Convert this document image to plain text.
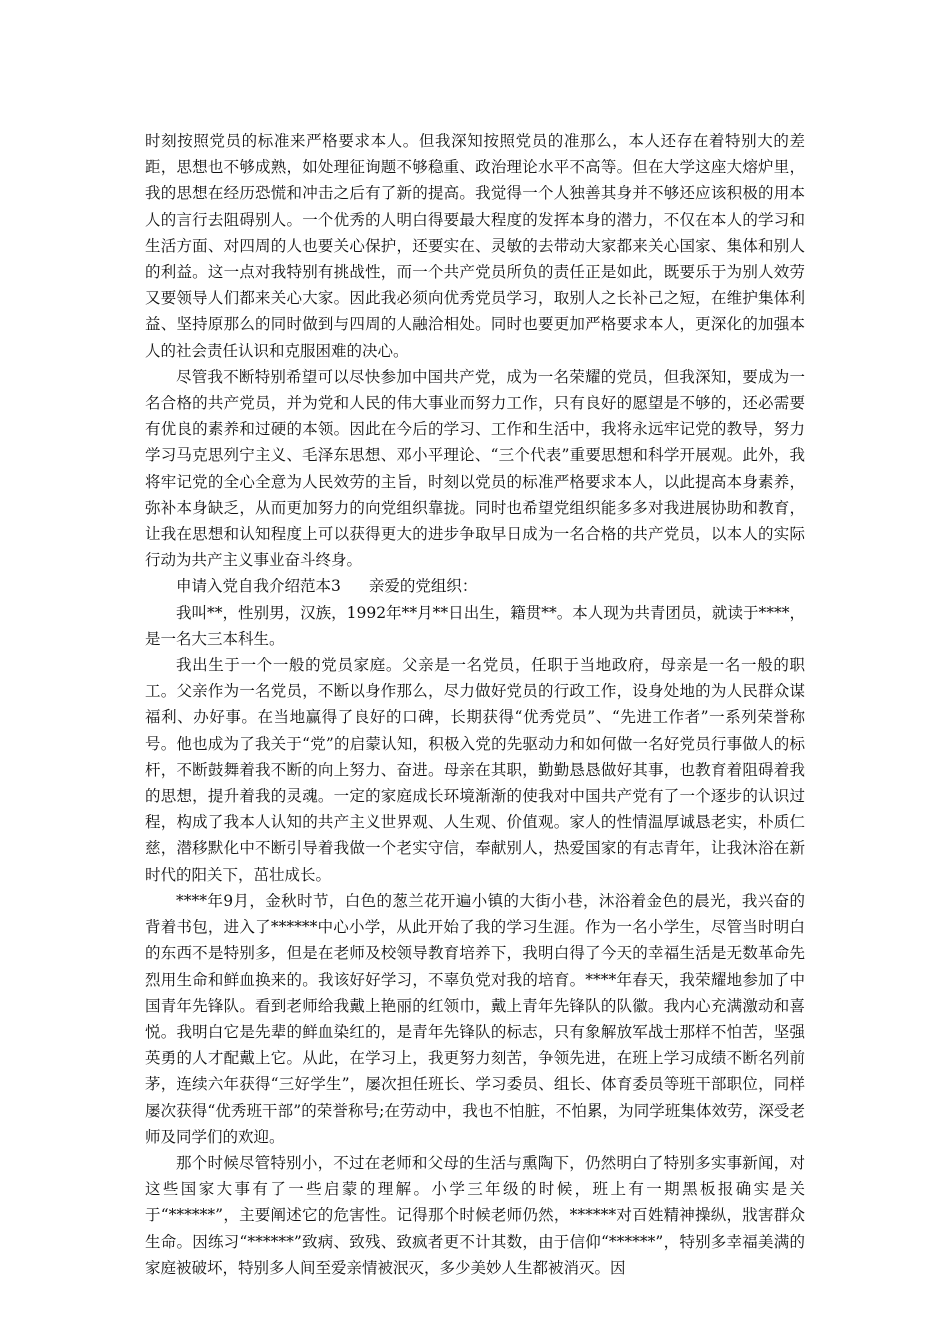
时刻按照党员的标准来严格要求本人。但我深知按照党员的准那么，本人还存在着特别大的差距，思想也不够成熟，如处理征询题不够稳重、政治理论水平不高等。但在大学这座大熔炉里，我的思想在经历恐慌和冲击之后有了新的提高。我觉得一个人独善其身并不够还应该积极的用本人的言行去阻碍别人。一个优秀的人明白得要最大程度的发挥本身的潜力，不仅在本人的学习和生活方面、对四周的人也要关心保护，还要实在、灵敏的去带动大家都来关心国家、集体和别人的利益。这一点对我特别有挑战性，而一个共产党员所负的责任正是如此，既要乐于为别人效劳又要领导人们都来关心大家。因此我必须向优秀党员学习，取别人之长补己之短，在维护集体利益、坚持原那么的同时做到与四周的人融洽相处。同时也要更加严格要求本人，更深化的加强本人的社会责任认识和克服困难的决心。

尽管我不断特别希望可以尽快参加中国共产党，成为一名荣耀的党员，但我深知，要成为一名合格的共产党员，并为党和人民的伟大事业而努力工作，只有良好的愿望是不够的，还必需要有优良的素养和过硬的本领。因此在今后的学习、工作和生活中，我将永远牢记党的教导，努力学习马克思列宁主义、毛泽东思想、邓小平理论、“三个代表”重要思想和科学开展观。此外，我将牢记党的全心全意为人民效劳的主旨，时刻以党员的标准严格要求本人，以此提高本身素养，弥补本身缺乏，从而更加努力的向党组织靠拢。同时也希望党组织能多多对我进展协助和教育，让我在思想和认知程度上可以获得更大的进步争取早日成为一名合格的共产党员，以本人的实际行动为共产主义事业奋斗终身。

申请入党自我介绍范本3 亲爱的党组织：

我叫**，性别男，汉族，1992年**月**日出生，籍贯**。本人现为共青团员，就读于****，是一名大三本科生。

我出生于一个一般的党员家庭。父亲是一名党员，任职于当地政府，母亲是一名一般的职工。父亲作为一名党员，不断以身作那么，尽力做好党员的行政工作，设身处地的为人民群众谋福利、办好事。在当地赢得了良好的口碑，长期获得“优秀党员”、“先进工作者”一系列荣誉称号。他也成为了我关于“党”的启蒙认知，积极入党的先驱动力和如何做一名好党员行事做人的标杆，不断鼓舞着我不断的向上努力、奋进。母亲在其职，勤勤恳恳做好其事，也教育着阻碍着我的思想，提升着我的灵魂。一定的家庭成长环境渐渐的使我对中国共产党有了一个逐步的认识过程，构成了我本人认知的共产主义世界观、人生观、价值观。家人的性情温厚诚恳老实，朴质仁慈，潜移默化中不断引导着我做一个老实守信，奉献别人，热爱国家的有志青年，让我沐浴在新时代的阳关下，茁壮成长。

****年9月，金秋时节，白色的葱兰花开遍小镇的大街小巷，沐浴着金色的晨光，我兴奋的背着书包，进入了******中心小学，从此开始了我的学习生涯。作为一名小学生，尽管当时明白的东西不是特别多，但是在老师及校领导教育培养下，我明白得了今天的幸福生活是无数革命先烈用生命和鲜血换来的。我该好好学习，不辜负党对我的培育。****年春天，我荣耀地参加了中国青年先锋队。看到老师给我戴上艳丽的红领巾，戴上青年先锋队的队徽。我内心充满激动和喜悦。我明白它是先辈的鲜血染红的，是青年先锋队的标志，只有象解放军战士那样不怕苦，坚强英勇的人才配戴上它。从此，在学习上，我更努力刻苦，争领先进，在班上学习成绩不断名列前茅，连续六年获得“三好学生”，屡次担任班长、学习委员、组长、体育委员等班干部职位，同样屡次获得“优秀班干部”的荣誉称号;在劳动中，我也不怕脏，不怕累，为同学班集体效劳，深受老师及同学们的欢迎。

那个时候尽管特别小，不过在老师和父母的生活与熏陶下，仍然明白了特别多实事新闻，对这些国家大事有了一些启蒙的理解。小学三年级的时候，班上有一期黑板报确实是关于“******”，主要阐述它的危害性。记得那个时候老师仍然，******对百姓精神操纵，戕害群众生命。因练习“******”致病、致残、致疯者更不计其数，由于信仰“******”，特别多幸福美满的家庭被破坏，特别多人间至爱亲情被泯灭，多少美妙人生都被消灭。因
